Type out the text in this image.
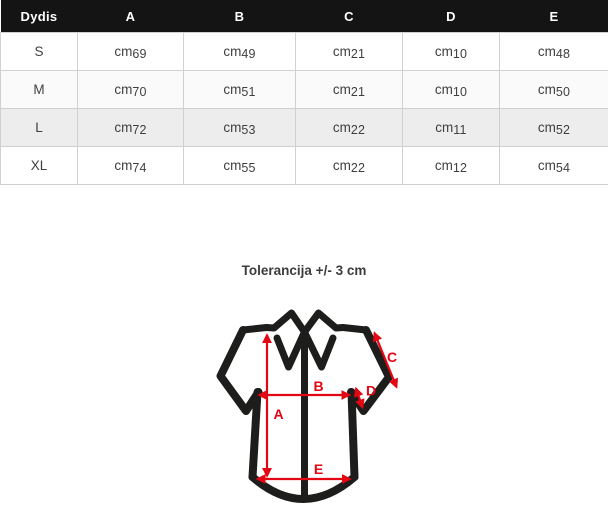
Dydis	A	B	C	D	E
S	cm69	cm49	cm21	cm10	cm48
M	cm70	cm51	cm21	cm10	cm50
L	cm72	cm53	cm22	cm11	cm52
XL	cm74	cm55	cm22	cm12	cm54
Tolerancija +/- 3 cm
A
B
C
D
E
